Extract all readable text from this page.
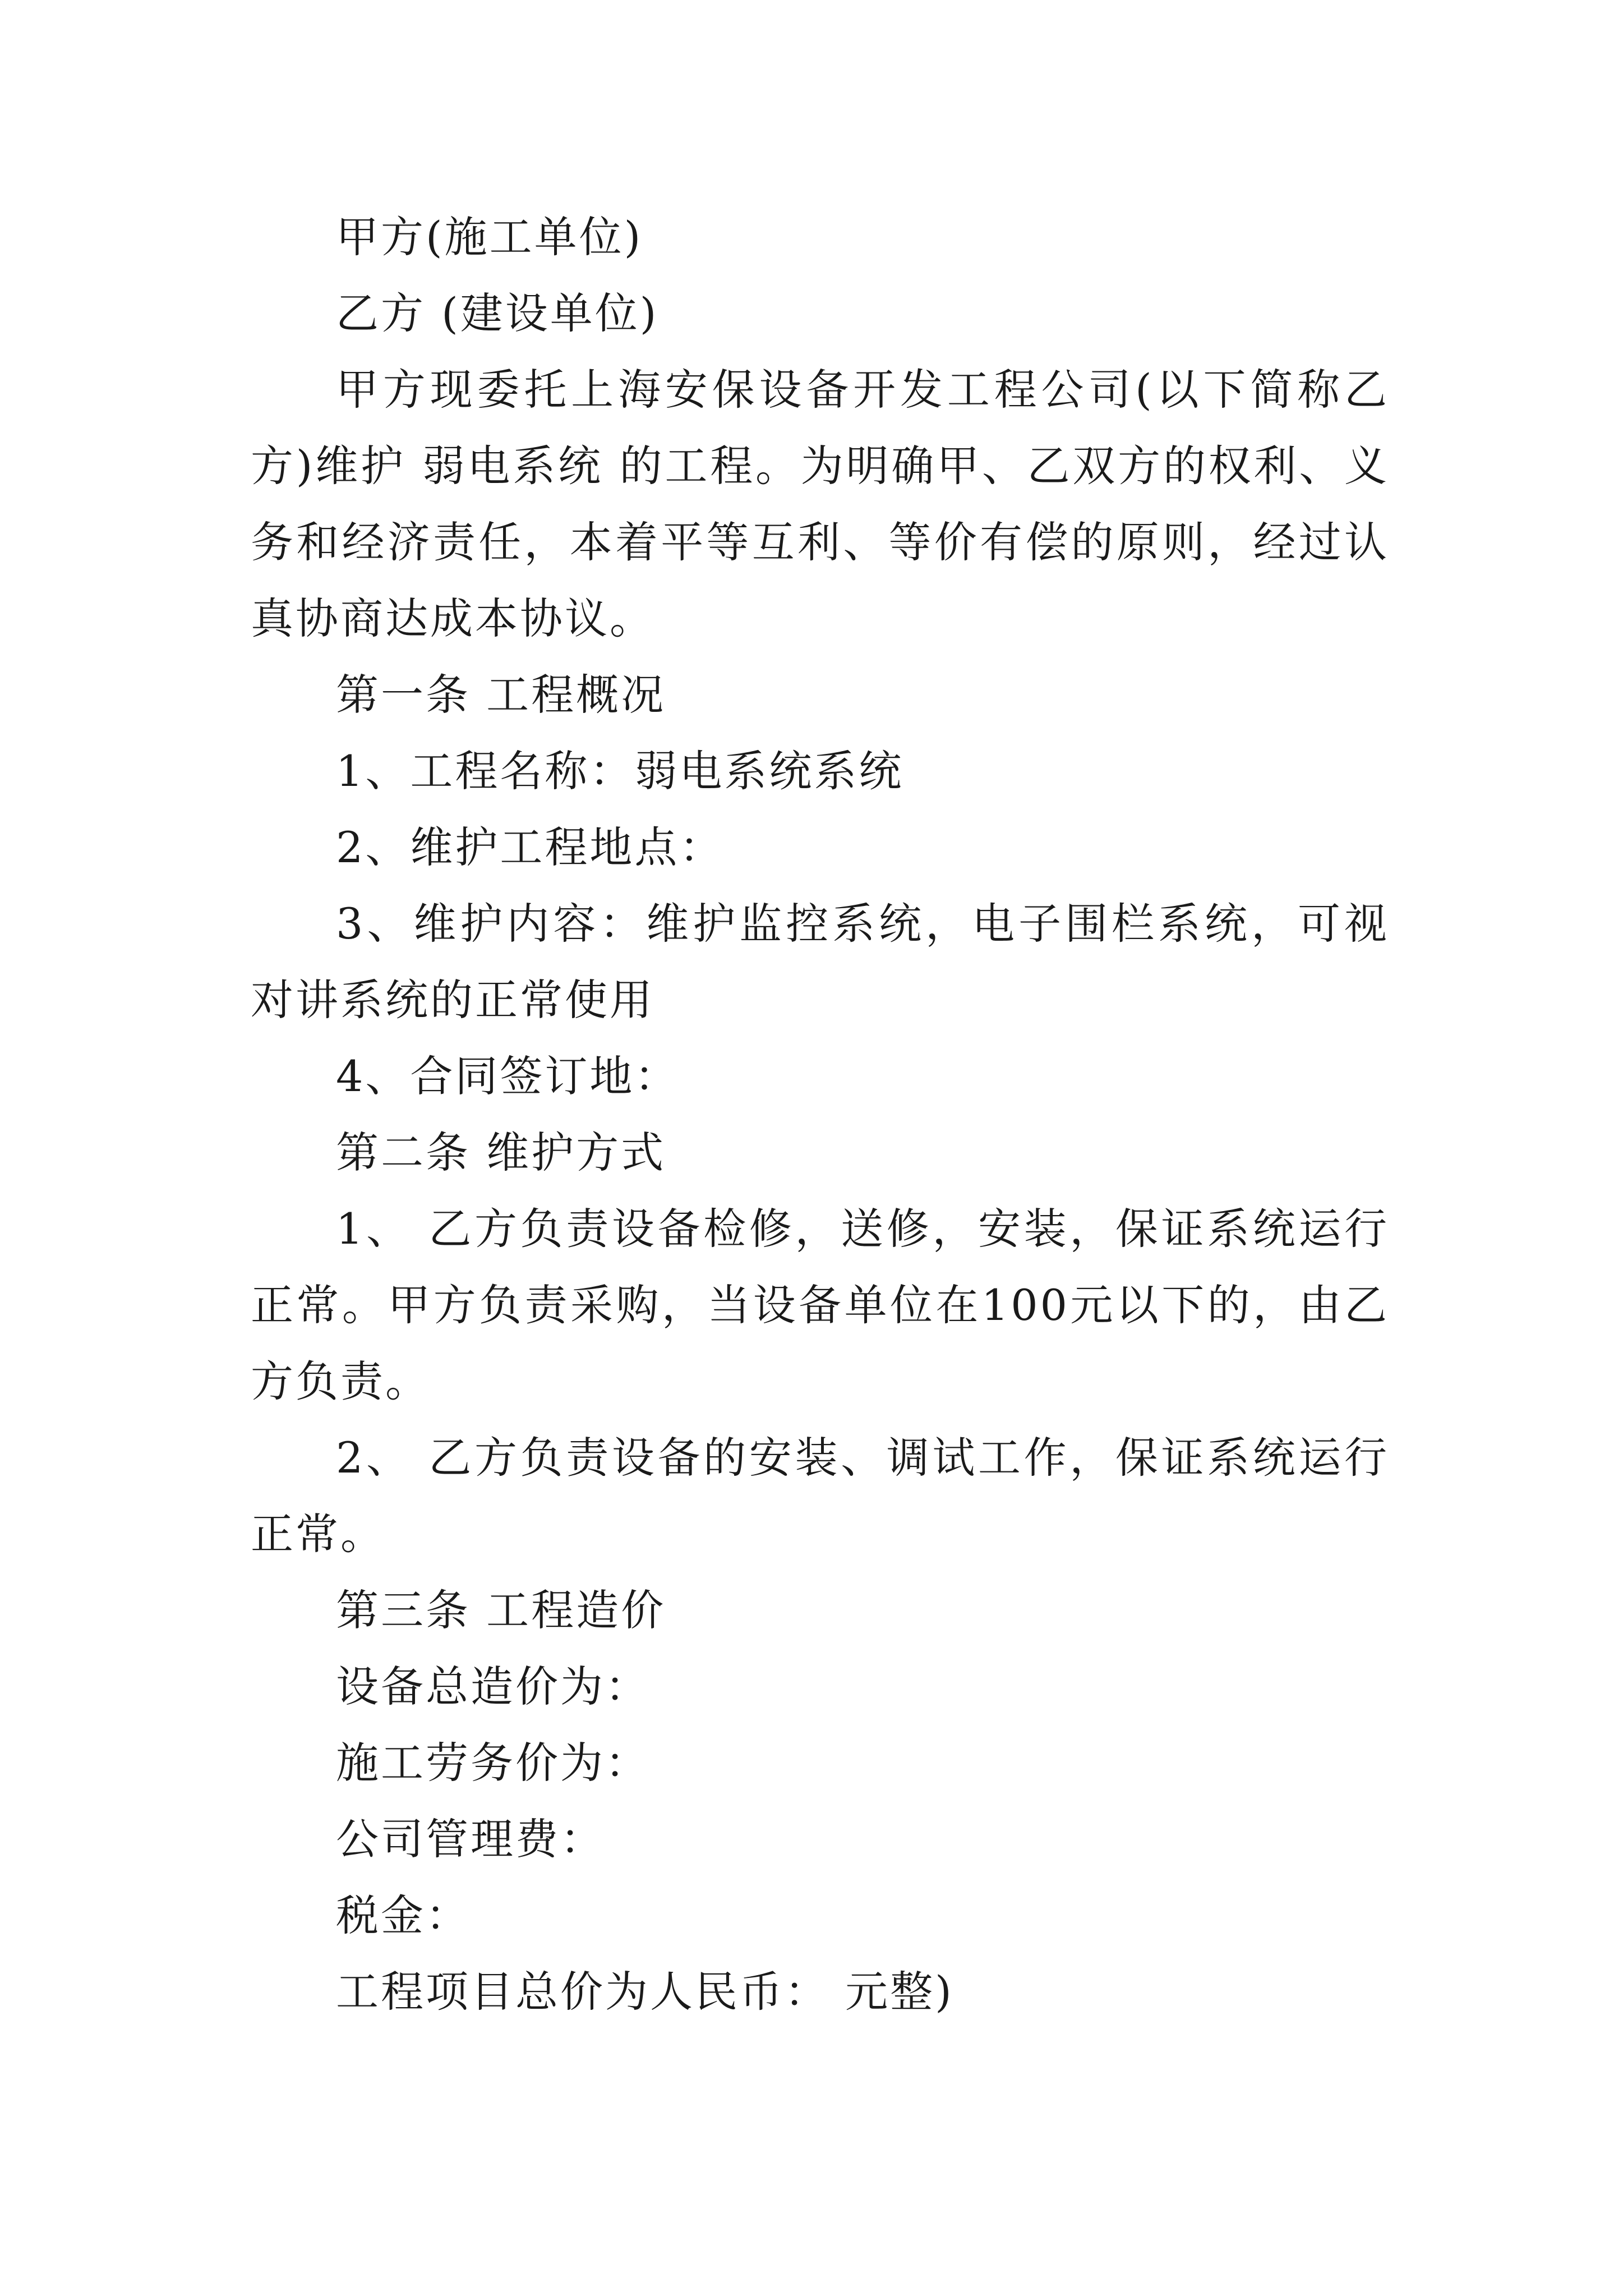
甲方(施工单位)

乙方 (建设单位)

甲方现委托上海安保设备开发工程公司(以下简称乙方)维护 弱电系统 的工程。为明确甲、乙双方的权利、义务和经济责任，本着平等互利、等价有偿的原则，经过认真协商达成本协议。

第一条 工程概况

1、工程名称：弱电系统系统

2、维护工程地点：

3、维护内容：维护监控系统，电子围栏系统，可视对讲系统的正常使用

4、合同签订地：

第二条 维护方式

1、 乙方负责设备检修，送修，安装，保证系统运行正常。甲方负责采购，当设备单位在100元以下的，由乙方负责。

2、 乙方负责设备的安装、调试工作，保证系统运行正常。

第三条 工程造价

设备总造价为：

施工劳务价为：

公司管理费：

税金：

工程项目总价为人民币： 元整)
